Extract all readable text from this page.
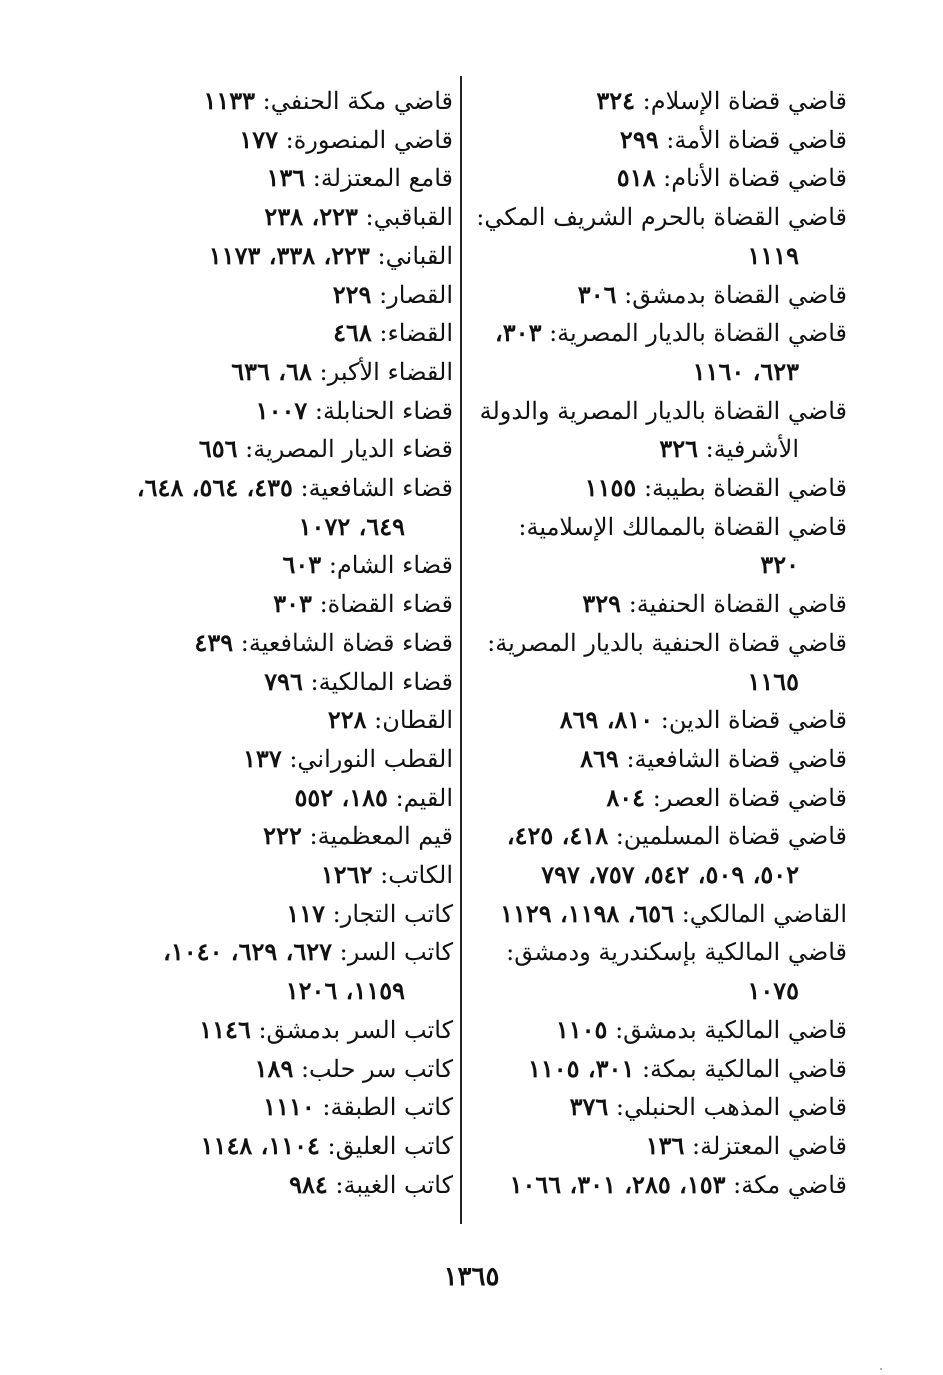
قاضي قضاة الإسلام: ٣٢٤
قاضي قضاة الأمة: ٢٩٩
قاضي قضاة الأنام: ٥١٨
قاضي القضاة بالحرم الشريف المكي:
١١١٩
قاضي القضاة بدمشق: ٣٠٦
قاضي القضاة بالديار المصرية: ٣٠٣،
٦٢٣، ١١٦٠
قاضي القضاة بالديار المصرية والدولة
الأشرفية: ٣٢٦
قاضي القضاة بطيبة: ١١٥٥
قاضي القضاة بالممالك الإسلامية:
٣٢٠
قاضي القضاة الحنفية: ٣٢٩
قاضي قضاة الحنفية بالديار المصرية:
١١٦٥
قاضي قضاة الدين: ٨١٠، ٨٦٩
قاضي قضاة الشافعية: ٨٦٩
قاضي قضاة العصر: ٨٠٤
قاضي قضاة المسلمين: ٤١٨، ٤٢٥،
٥٠٢، ٥٠٩، ٥٤٢، ٧٥٧، ٧٩٧
القاضي المالكي: ٦٥٦، ١١٩٨، ١١٢٩
قاضي المالكية بإسكندرية ودمشق:
١٠٧٥
قاضي المالكية بدمشق: ١١٠٥
قاضي المالكية بمكة: ٣٠١، ١١٠٥
قاضي المذهب الحنبلي: ٣٧٦
قاضي المعتزلة: ١٣٦
قاضي مكة: ١٥٣، ٢٨٥، ٣٠١، ١٠٦٦
قاضي مكة الحنفي: ١١٣٣
قاضي المنصورة: ١٧٧
قامع المعتزلة: ١٣٦
القباقبي: ٢٢٣، ٢٣٨
القباني: ٢٢٣، ٣٣٨، ١١٧٣
القصار: ٢٢٩
القضاء: ٤٦٨
القضاء الأكبر: ٦٨، ٦٣٦
قضاء الحنابلة: ١٠٠٧
قضاء الديار المصرية: ٦٥٦
قضاء الشافعية: ٤٣٥، ٥٦٤، ٦٤٨،
٦٤٩، ١٠٧٢
قضاء الشام: ٦٠٣
قضاء القضاة: ٣٠٣
قضاء قضاة الشافعية: ٤٣٩
قضاء المالكية: ٧٩٦
القطان: ٢٢٨
القطب النوراني: ١٣٧
القيم: ١٨٥، ٥٥٢
قيم المعظمية: ٢٢٢
الكاتب: ١٢٦٢
كاتب التجار: ١١٧
كاتب السر: ٦٢٧، ٦٢٩، ١٠٤٠،
١١٥٩، ١٢٠٦
كاتب السر بدمشق: ١١٤٦
كاتب سر حلب: ١٨٩
كاتب الطبقة: ١١١٠
كاتب العليق: ١١٠٤، ١١٤٨
كاتب الغيبة: ٩٨٤
١٣٦٥
